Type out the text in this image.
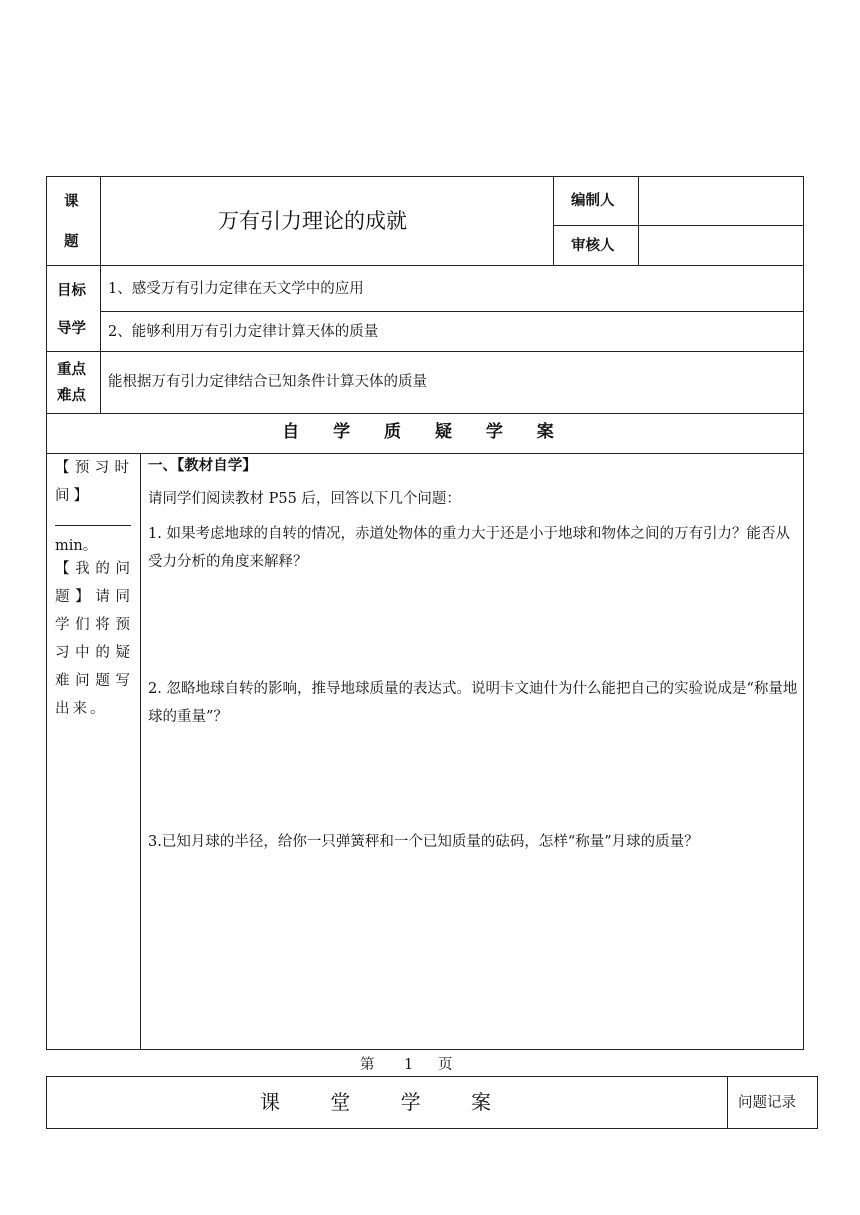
课
题
万有引力理论的成就
编制人
审核人
目标
导学
1、感受万有引力定律在天文学中的应用
2、能够利用万有引力定律计算天体的质量
重点
难点
能根据万有引力定律结合已知条件计算天体的质量
自 学 质 疑 学 案
【预习时间】
min。
【我的问题】请同学们将预习中的疑难问题写出来。
一、【教材自学】
请同学们阅读教材 P55 后，回答以下几个问题：
1. 如果考虑地球的自转的情况，赤道处物体的重力大于还是小于地球和物体之间的万有引力？能否从受力分析的角度来解释？
2. 忽略地球自转的影响，推导地球质量的表达式。说明卡文迪什为什么能把自己的实验说成是“称量地球的重量”？
3.已知月球的半径，给你一只弹簧秤和一个已知质量的砝码，怎样“称量”月球的质量？
第 1 页
课 堂 学 案	问题记录
